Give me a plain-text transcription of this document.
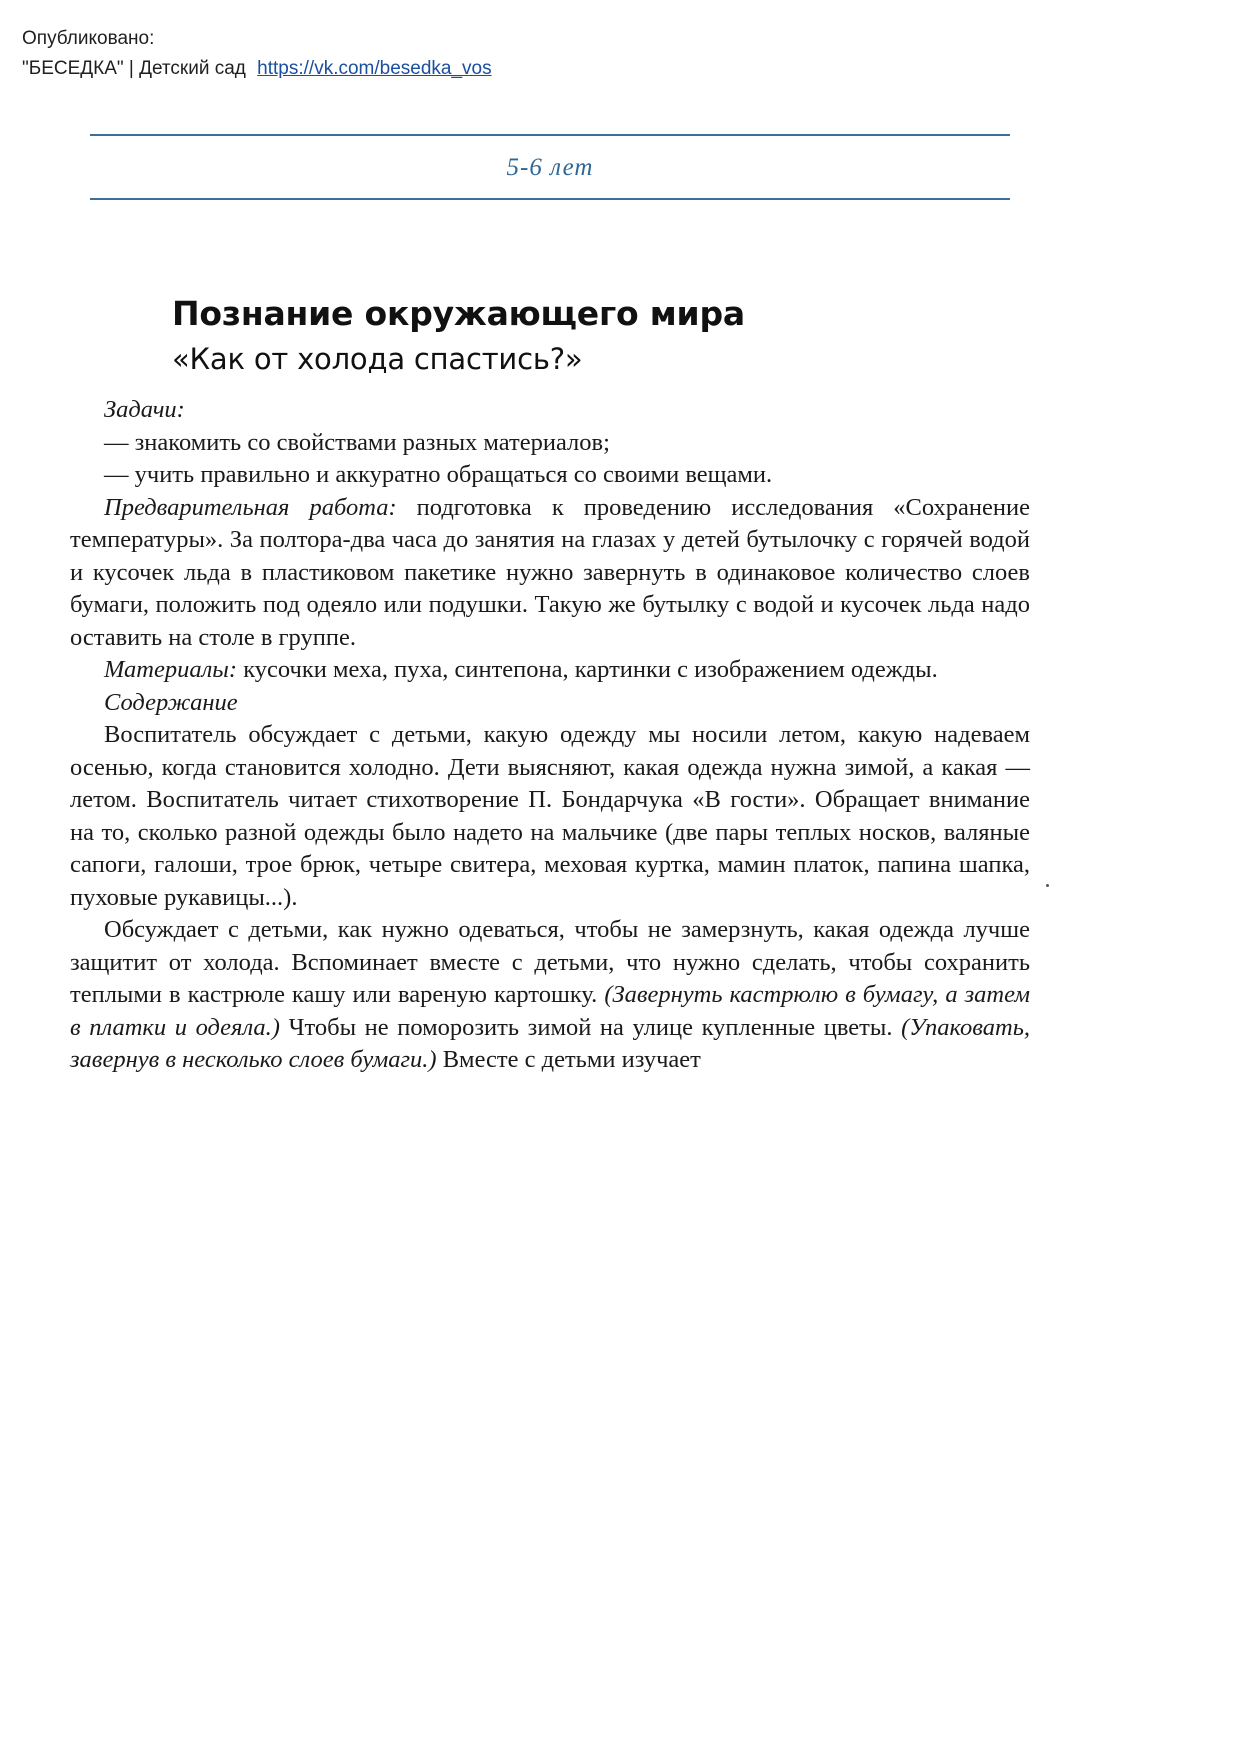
Опубликовано:
"БЕСЕДКА" | Детский сад https://vk.com/besedka_vos
5-6 лет
Познание окружающего мира
«Как от холода спастись?»

Задачи:

— знакомить со свойствами разных материалов;

— учить правильно и аккуратно обращаться со своими вещами.

Предварительная работа: подготовка к проведению исследования «Сохранение температуры». За полтора-два часа до занятия на глазах у детей бутылочку с горячей водой и кусочек льда в пластиковом пакетике нужно завернуть в одинаковое количество слоев бумаги, положить под одеяло или подушки. Такую же бутылку с водой и кусочек льда надо оставить на столе в группе.

Материалы: кусочки меха, пуха, синтепона, картинки с изображением одежды.

Содержание

Воспитатель обсуждает с детьми, какую одежду мы носили летом, какую надеваем осенью, когда становится холодно. Дети выясняют, какая одежда нужна зимой, а какая — летом. Воспитатель читает стихотворение П. Бондарчука «В гости». Обращает внимание на то, сколько разной одежды было надето на мальчике (две пары теплых носков, валяные сапоги, галоши, трое брюк, четыре свитера, меховая куртка, мамин платок, папина шапка, пуховые рукавицы...).

Обсуждает с детьми, как нужно одеваться, чтобы не замерзнуть, какая одежда лучше защитит от холода. Вспоминает вместе с детьми, что нужно сделать, чтобы сохранить теплыми в кастрюле кашу или вареную картошку. (Завернуть кастрюлю в бумагу, а затем в платки и одеяла.) Чтобы не поморозить зимой на улице купленные цветы. (Упаковать, завернув в несколько слоев бумаги.) Вместе с детьми изучает
